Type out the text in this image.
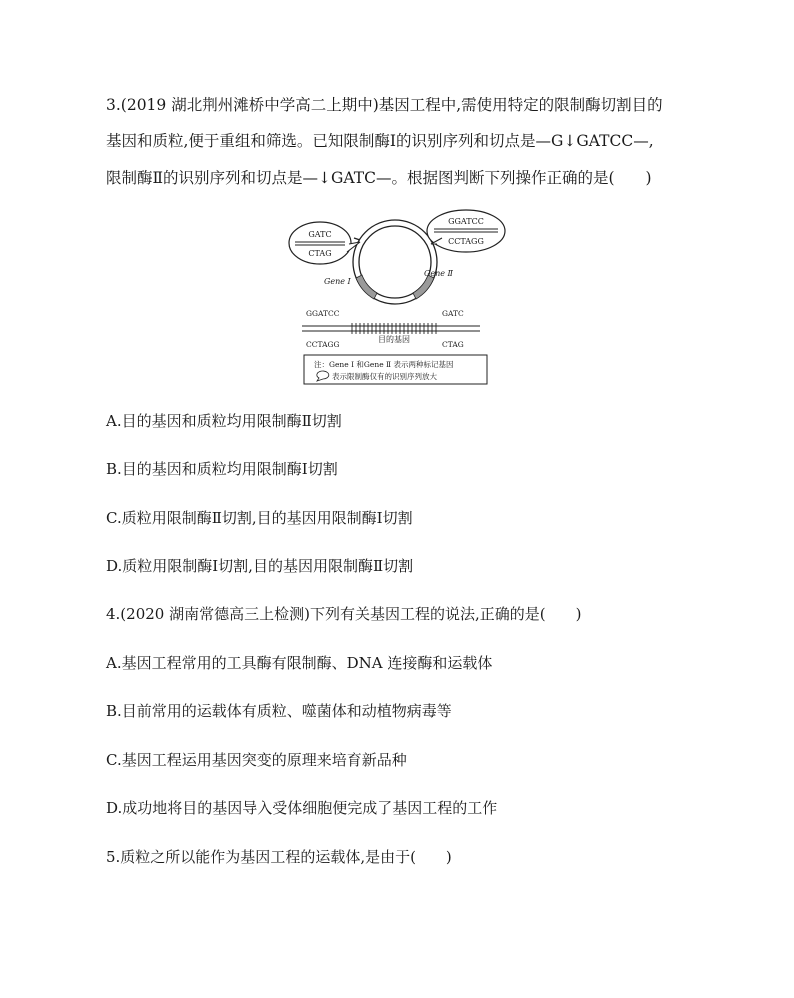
3.(2019 湖北荆州滩桥中学高二上期中)基因工程中,需使用特定的限制酶切割目的
基因和质粒,便于重组和筛选。已知限制酶Ⅰ的识别序列和切点是—G↓GATCC—,
限制酶Ⅱ的识别序列和切点是—↓GATC—。根据图判断下列操作正确的是(　　)
GATC
CTAG
GGATCC
CCTAGG
Gene Ⅰ
Gene Ⅱ
GGATCC	GATC
目的基因
CCTAGG	CTAG
注：Gene Ⅰ 和Gene Ⅱ 表示两种标记基因
表示限制酶仅有的识别序列放大
A.目的基因和质粒均用限制酶Ⅱ切割
B.目的基因和质粒均用限制酶Ⅰ切割
C.质粒用限制酶Ⅱ切割,目的基因用限制酶Ⅰ切割
D.质粒用限制酶Ⅰ切割,目的基因用限制酶Ⅱ切割
4.(2020 湖南常德高三上检测)下列有关基因工程的说法,正确的是(　　)
A.基因工程常用的工具酶有限制酶、DNA 连接酶和运载体
B.目前常用的运载体有质粒、噬菌体和动植物病毒等
C.基因工程运用基因突变的原理来培育新品种
D.成功地将目的基因导入受体细胞便完成了基因工程的工作
5.质粒之所以能作为基因工程的运载体,是由于(　　)
